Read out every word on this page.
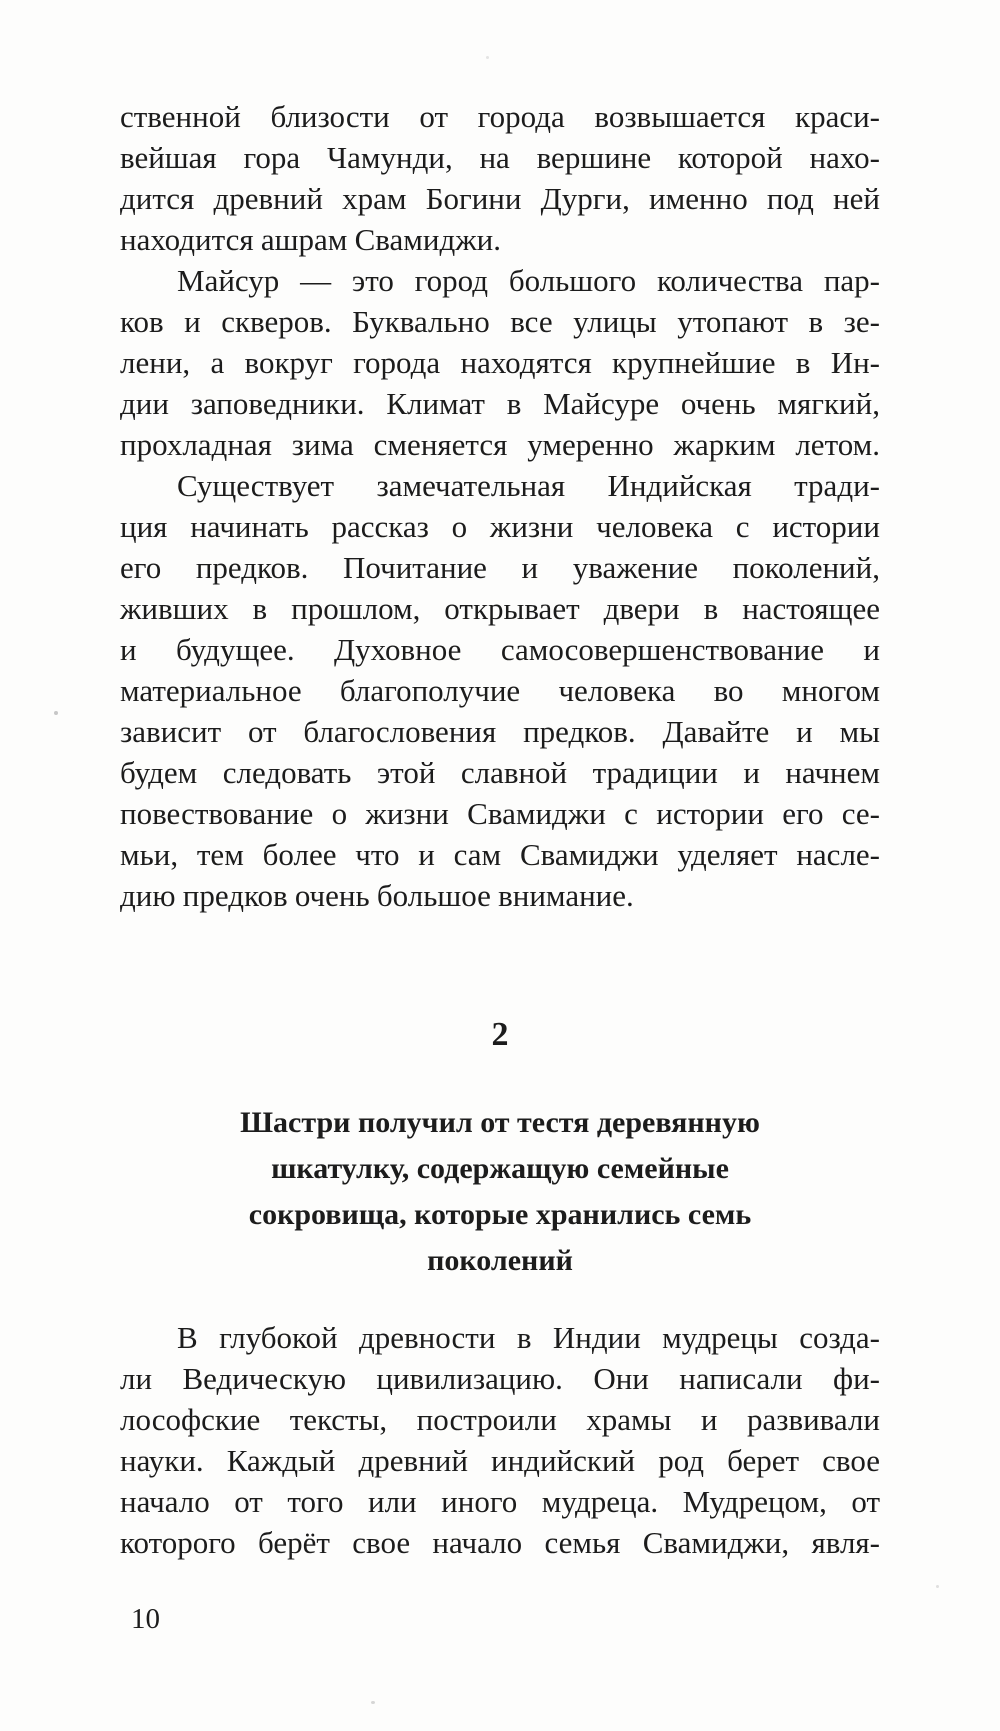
ственной близости от города возвышается краси-
вейшая гора Чамунди, на вершине которой нахо-
дится древний храм Богини Дурги, именно под ней
находится ашрам Свамиджи.
Майсур — это город большого количества пар-
ков и скверов. Буквально все улицы утопают в зе-
лени, а вокруг города находятся крупнейшие в Ин-
дии заповедники. Климат в Майсуре очень мягкий,
прохладная зима сменяется умеренно жарким летом.
Существует замечательная Индийская тради-
ция начинать рассказ о жизни человека с истории
его предков. Почитание и уважение поколений,
живших в прошлом, открывает двери в настоящее
и будущее. Духовное самосовершенствование и
материальное благополучие человека во многом
зависит от благословения предков. Давайте и мы
будем следовать этой славной традиции и начнем
повествование о жизни Свамиджи с истории его се-
мьи, тем более что и сам Свамиджи уделяет насле-
дию предков очень большое внимание.
2
Шастри получил от тестя деревянную
шкатулку, содержащую семейные
сокровища, которые хранились семь
поколений
В глубокой древности в Индии мудрецы созда-
ли Ведическую цивилизацию. Они написали фи-
лософские тексты, построили храмы и развивали
науки. Каждый древний индийский род берет свое
начало от того или иного мудреца. Мудрецом, от
которого берёт свое начало семья Свамиджи, явля-
10
